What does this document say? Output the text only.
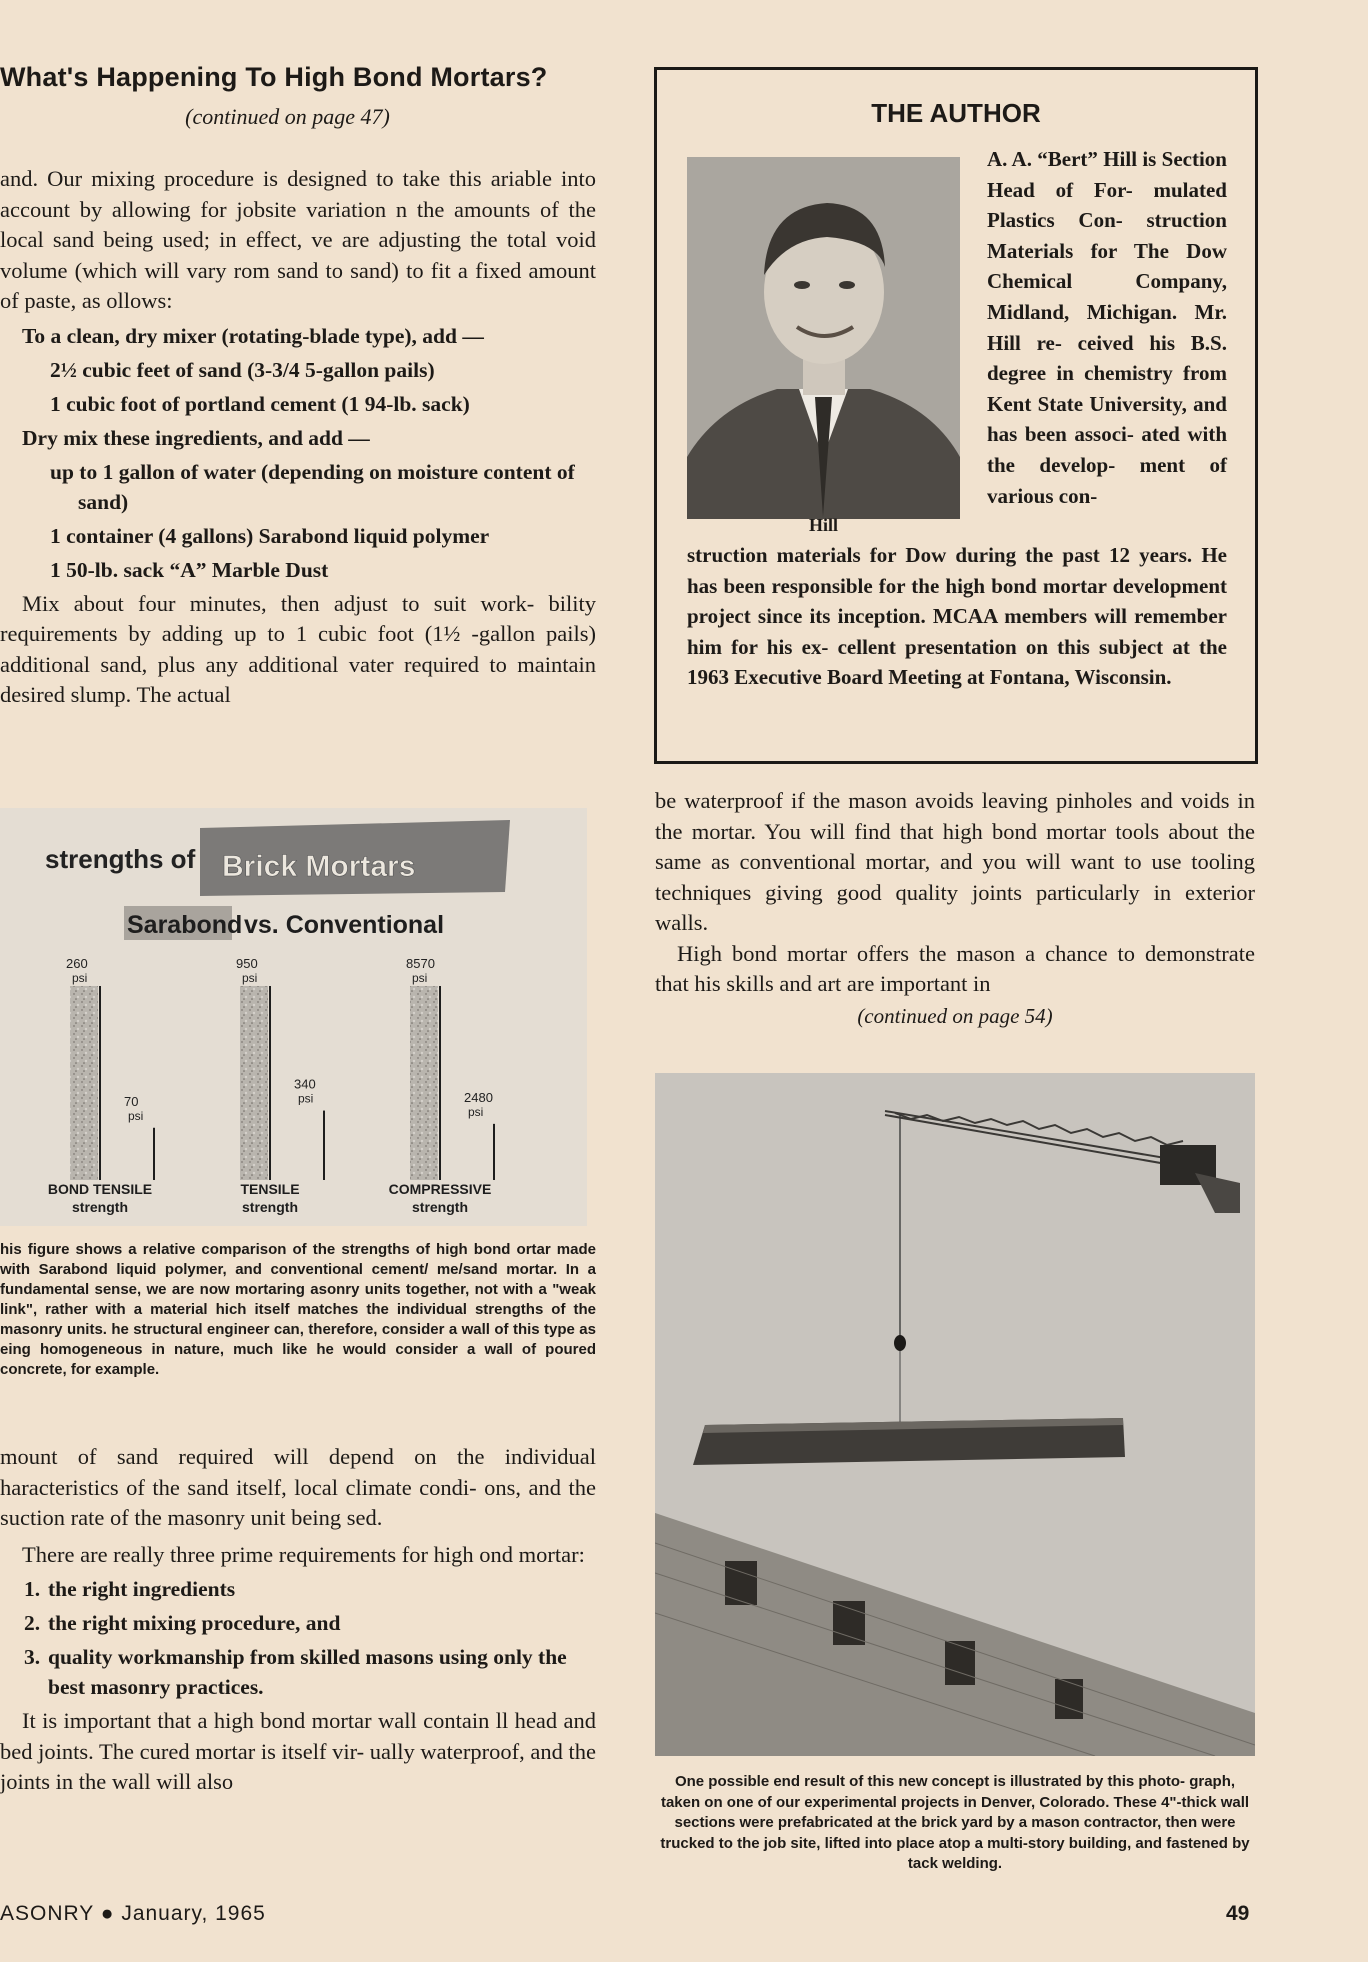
What's Happening To High Bond Mortars?
(continued on page 47)

and. Our mixing procedure is designed to take this ariable into account by allowing for jobsite variation n the amounts of the local sand being used; in effect, ve are adjusting the total void volume (which will vary rom sand to sand) to fit a fixed amount of paste, as ollows:

To a clean, dry mixer (rotating-blade type), add —
2½ cubic feet of sand (3-3/4 5-gallon pails)
1 cubic foot of portland cement (1 94-lb. sack)
Dry mix these ingredients, and add —
up to 1 gallon of water (depending on moisture content of sand)
1 container (4 gallons) Sarabond liquid polymer
1 50-lb. sack “A” Marble Dust

Mix about four minutes, then adjust to suit work- bility requirements by adding up to 1 cubic foot (1½ -gallon pails) additional sand, plus any additional vater required to maintain desired slump. The actual

strengths of Brick Mortars
Sarabond vs. Conventional
260
psi
70
psi
BOND TENSILE
strength
950
psi
340
psi
TENSILE
strength
8570
psi
2480
psi
COMPRESSIVE
strength
his figure shows a relative comparison of the strengths of high bond ortar made with Sarabond liquid polymer, and conventional cement/ me/sand mortar. In a fundamental sense, we are now mortaring asonry units together, not with a "weak link", rather with a material hich itself matches the individual strengths of the masonry units. he structural engineer can, therefore, consider a wall of this type as eing homogeneous in nature, much like he would consider a wall of poured concrete, for example.

mount of sand required will depend on the individual haracteristics of the sand itself, local climate condi- ons, and the suction rate of the masonry unit being sed.

There are really three prime requirements for high ond mortar:

1. the right ingredients
2. the right mixing procedure, and
3. quality workmanship from skilled masons using only the best masonry practices.

It is important that a high bond mortar wall contain ll head and bed joints. The cured mortar is itself vir- ually waterproof, and the joints in the wall will also

THE AUTHOR
Hill
A. A. “Bert” Hill is Section Head of For- mulated Plastics Con- struction Materials for The Dow Chemical Company, Midland, Michigan. Mr. Hill re- ceived his B.S. degree in chemistry from Kent State University, and has been associ- ated with the develop- ment of various con-
struction materials for Dow during the past 12 years. He has been responsible for the high bond mortar development project since its inception. MCAA members will remember him for his ex- cellent presentation on this subject at the 1963 Executive Board Meeting at Fontana, Wisconsin.

be waterproof if the mason avoids leaving pinholes and voids in the mortar. You will find that high bond mortar tools about the same as conventional mortar, and you will want to use tooling techniques giving good quality joints particularly in exterior walls.

High bond mortar offers the mason a chance to demonstrate that his skills and art are important in

(continued on page 54)
One possible end result of this new concept is illustrated by this photo- graph, taken on one of our experimental projects in Denver, Colorado. These 4"-thick wall sections were prefabricated at the brick yard by a mason contractor, then were trucked to the job site, lifted into place atop a multi-story building, and fastened by tack welding.
ASONRY ● January, 1965	49
